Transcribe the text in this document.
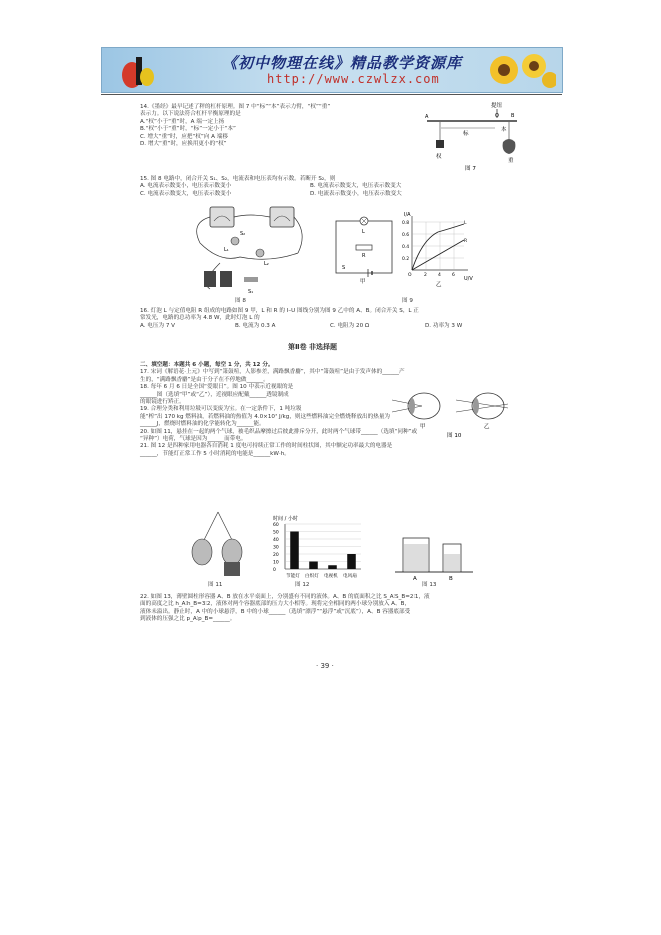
《初中物理在线》精品教学资源库
http://www.czwlzx.com

14.《墨经》最早记述了秤的杠杆原理。图 7 中“标”“本”表示力臂，“权”“重”

表示力。以下说法符合杠杆平衡原理的是

A.“权”小于“重”时，A 端一定上扬

B.“权”小于“重”时，“标”一定小于“本”

C. 增大“重”时，应把“权”向 A 端移

D. 增大“重”时，应换用更小的“权”

提纽
A	O B
权
标
本
重
图 7

15. 图 8 电路中，闭合开关 S₁、S₂，电流表和电压表均有示数。若断开 S₂，则

A. 电流表示数变小，电压表示数变小	B. 电流表示数变大，电压表示数变大

C. 电流表示数变大，电压表示数变小	D. 电流表示数变小，电压表示数变大

S₂
L₁
L₂
S₁
图 8
L
R
S
甲
I/A
U/V
0.8
0.6
0.4
0.2
O	2 4 6
L
R
乙
图 9

16. 灯泡 L 与定值电阻 R 组成的电路如图 9 甲，L 和 R 的 I–U 图线分别为图 9 乙中的 A、B。闭合开关 S，L 正

常发光，电路的总功率为 4.8 W，此时灯泡 L 的

A. 电压为 7 V	B. 电流为 0.3 A	C. 电阻为 20 Ω	D. 功率为 3 W

第Ⅱ卷 非选择题

二、填空题：本题共 6 小题，每空 1 分，共 12 分。

17. 宋词《解语花·上元》中写到“箫鼓喧，人影参差，满路飘香麝”，其中“箫鼓喧”是由于发声体的______产

生的，“满路飘香麝”是由于分子在不停地做______。

18. 每年 6 月 6 日是全国“爱眼日”。图 10 中表示近视眼的是

______图（选填“甲”或“乙”），近视眼应配戴______透镜制成

的眼镜进行矫正。

19. 合理分类和利用垃圾可以变废为宝。在一定条件下，1 吨垃圾

能“榨”出 170 kg 燃料油，若燃料油的热值为 4.0×10⁷ J/kg，则这些燃料油完全燃烧释放出的热量为

______J，燃烧时燃料油的化学能转化为______能。

20. 如图 11，悬挂在一起的两个气球，被毛织品摩擦过后彼此排斥分开，此时两个气球带______（选填“同种”或

“异种”）电荷，气球是因为______而带电。

21. 图 12 是四种家用电器各自消耗 1 度电可持续正常工作的时间柱状图，其中额定功率最大的电器是

______，节能灯正常工作 5 小时消耗的电能是______kW·h。

甲	乙
图 10
图 11
时间 / 小时
60
50
40
30
20
10
0
节能灯 白炽灯 电视机 电风扇
图 12
A	B
图 13

22. 如图 13，薄壁圆柱形容器 A、B 放在水平桌面上，分别盛有不同的液体。A、B 的底面积之比 S_A∶S_B=2∶1，液

面的高度之比 h_A∶h_B=3∶2，液体对两个容器底部的压力大小相等。现将完全相同的两小球分别放入 A、B，

液体未溢出。静止时，A 中的小球悬浮，B 中的小球______（选填“漂浮”“悬浮”或“沉底”），A、B 容器底部受

到液体的压强之比 p_A∶p_B=______。

· 39 ·
